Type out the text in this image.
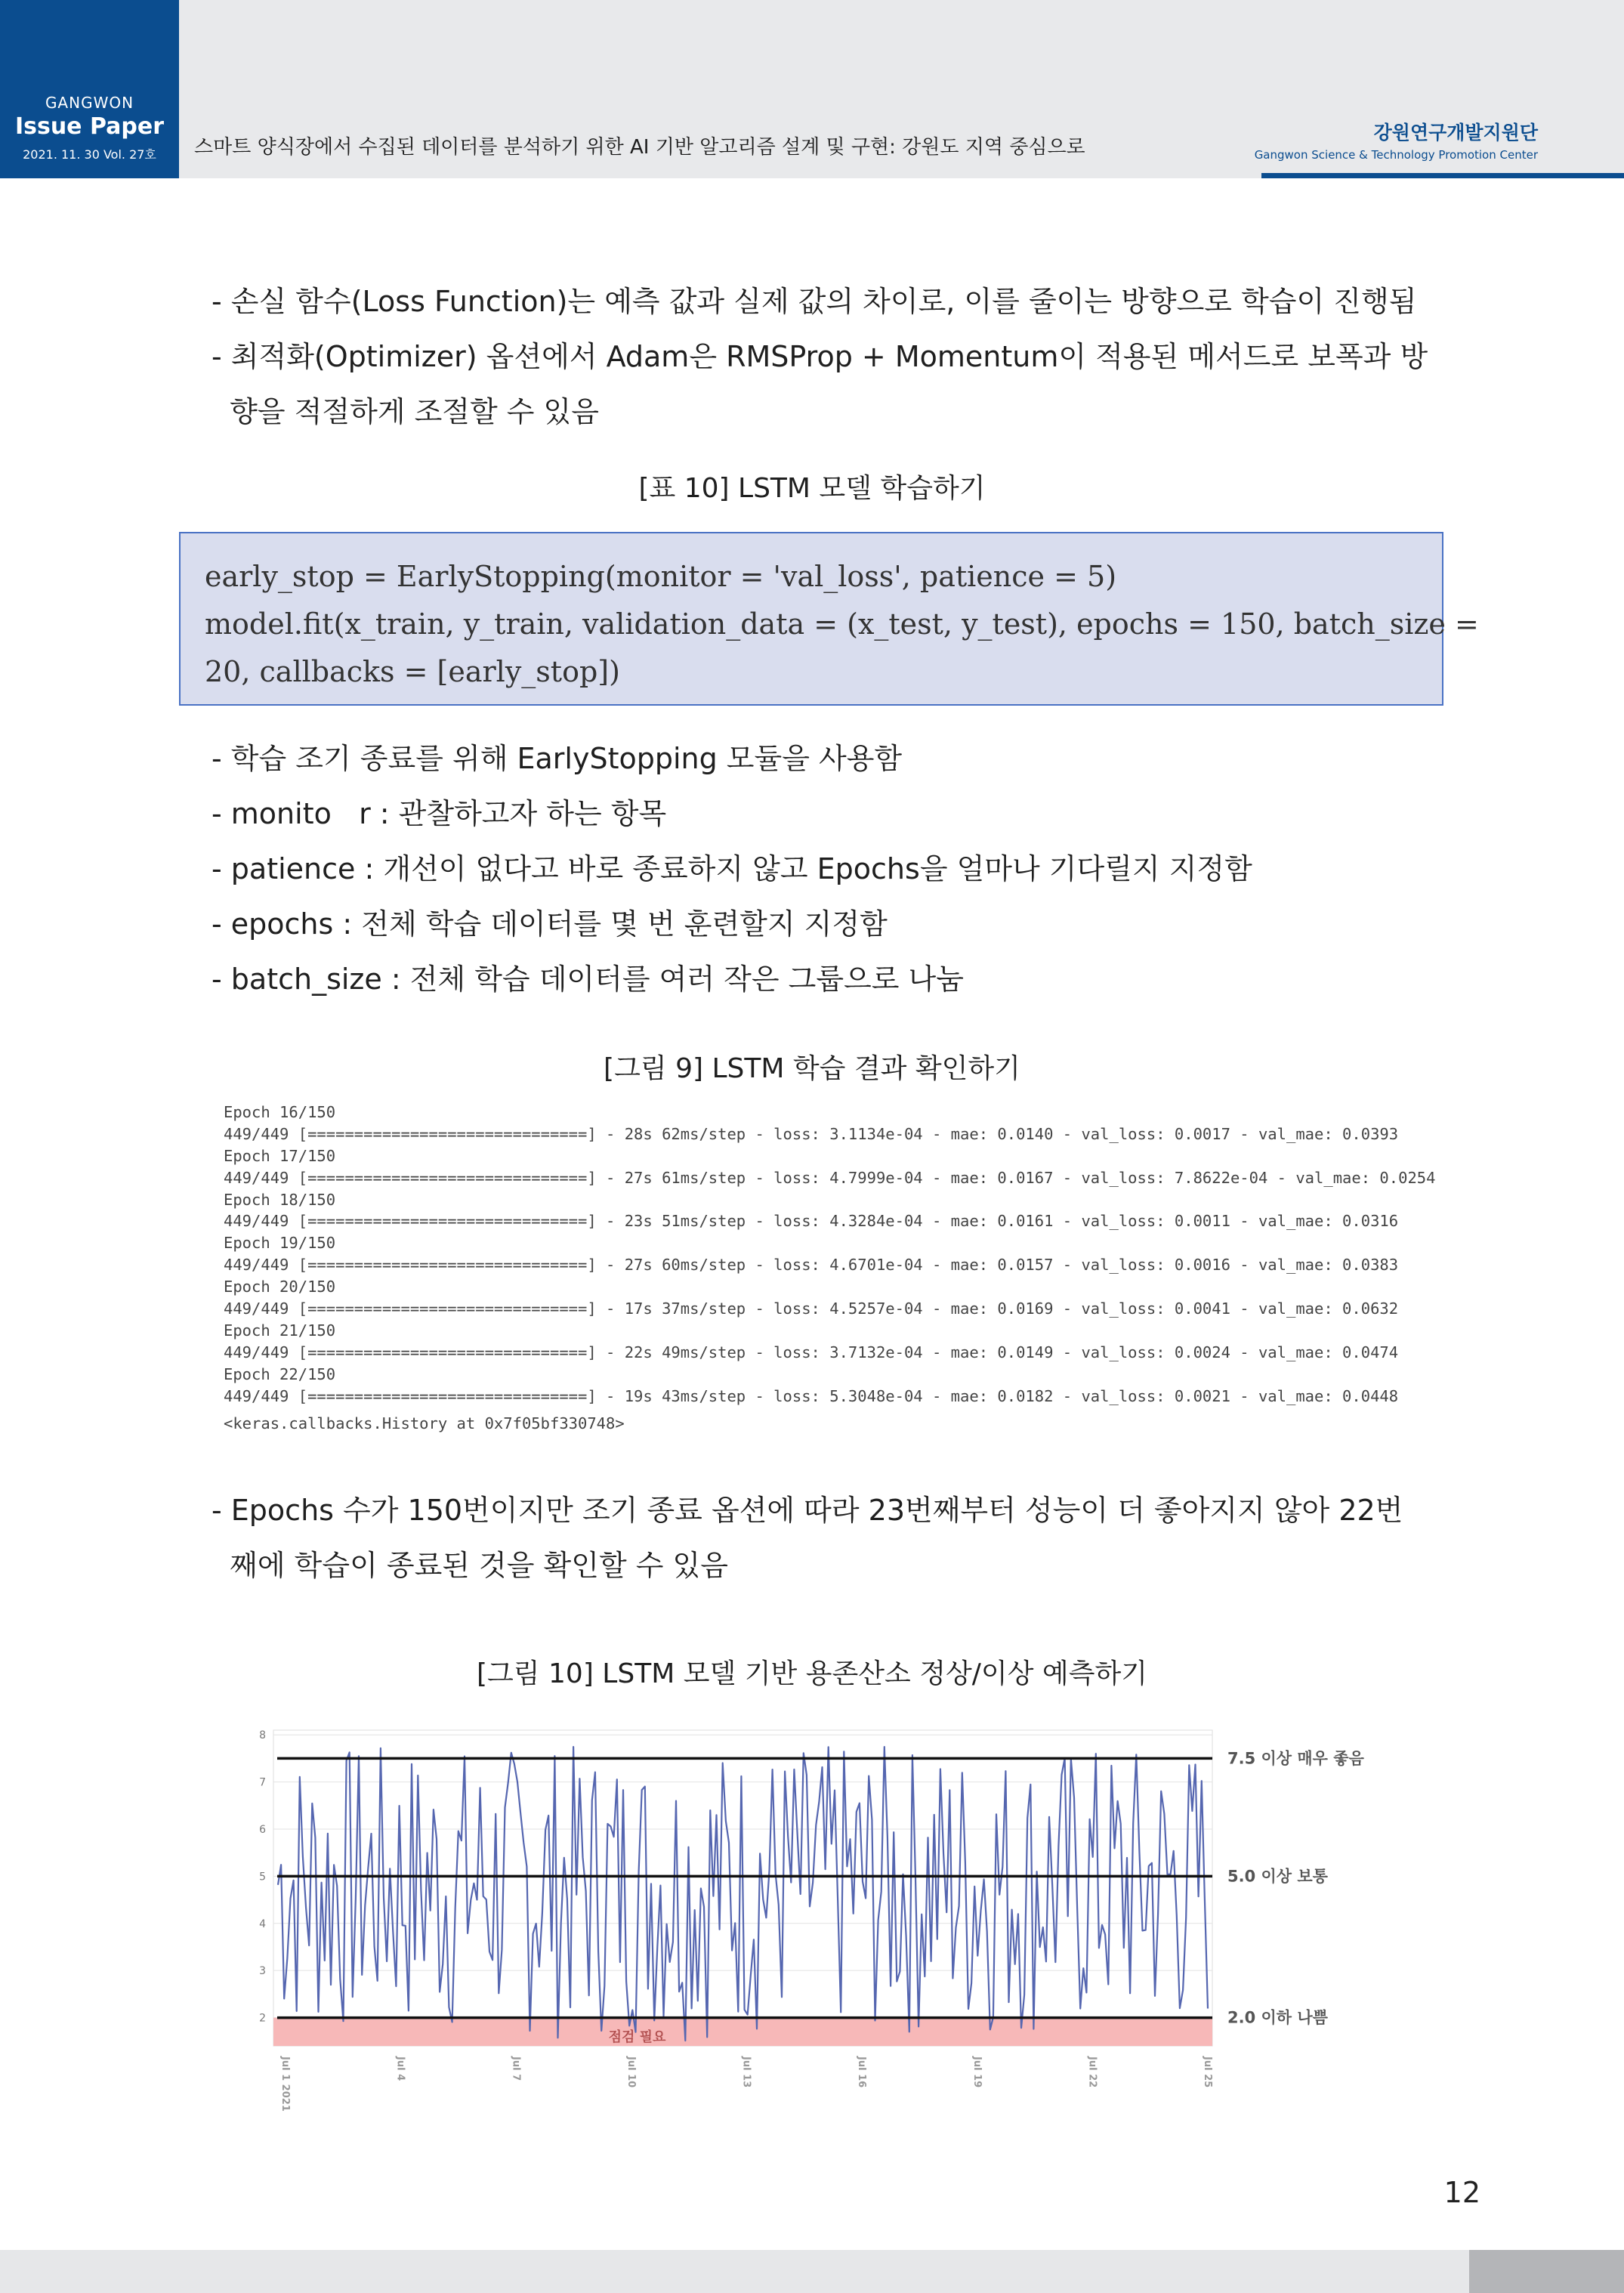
GANGWON
Issue Paper
2021. 11. 30 Vol. 27호	스마트 양식장에서 수집된 데이터를 분석하기 위한 AI 기반 알고리즘 설계 및 구현: 강원도 지역 중심으로
강원연구개발지원단
Gangwon Science & Technology Promotion Center
- 손실 함수(Loss Function)는 예측 값과 실제 값의 차이로, 이를 줄이는 방향으로 학습이 진행됨
- 최적화(Optimizer) 옵션에서 Adam은 RMSProp + Momentum이 적용된 메서드로 보폭과 방
향을 적절하게 조절할 수 있음
[표 10] LSTM 모델 학습하기
early_stop = EarlyStopping(monitor = 'val_loss', patience = 5)
model.fit(x_train, y_train, validation_data = (x_test, y_test), epochs = 150, batch_size =
20, callbacks = [early_stop])
- 학습 조기 종료를 위해 EarlyStopping 모듈을 사용함
- monito   r : 관찰하고자 하는 항목
- patience : 개선이 없다고 바로 종료하지 않고 Epochs을 얼마나 기다릴지 지정함
- epochs : 전체 학습 데이터를 몇 번 훈련할지 지정함
- batch_size : 전체 학습 데이터를 여러 작은 그룹으로 나눔
[그림 9] LSTM 학습 결과 확인하기
Epoch 16/150
449/449 [==============================] - 28s 62ms/step - loss: 3.1134e-04 - mae: 0.0140 - val_loss: 0.0017 - val_mae: 0.0393
Epoch 17/150
449/449 [==============================] - 27s 61ms/step - loss: 4.7999e-04 - mae: 0.0167 - val_loss: 7.8622e-04 - val_mae: 0.0254
Epoch 18/150
449/449 [==============================] - 23s 51ms/step - loss: 4.3284e-04 - mae: 0.0161 - val_loss: 0.0011 - val_mae: 0.0316
Epoch 19/150
449/449 [==============================] - 27s 60ms/step - loss: 4.6701e-04 - mae: 0.0157 - val_loss: 0.0016 - val_mae: 0.0383
Epoch 20/150
449/449 [==============================] - 17s 37ms/step - loss: 4.5257e-04 - mae: 0.0169 - val_loss: 0.0041 - val_mae: 0.0632
Epoch 21/150
449/449 [==============================] - 22s 49ms/step - loss: 3.7132e-04 - mae: 0.0149 - val_loss: 0.0024 - val_mae: 0.0474
Epoch 22/150
449/449 [==============================] - 19s 43ms/step - loss: 5.3048e-04 - mae: 0.0182 - val_loss: 0.0021 - val_mae: 0.0448
<keras.callbacks.History at 0x7f05bf330748>
- Epochs 수가 150번이지만 조기 종료 옵션에 따라 23번째부터 성능이 더 좋아지지 않아 22번
째에 학습이 종료된 것을 확인할 수 있음
[그림 10] LSTM 모델 기반 용존산소 정상/이상 예측하기
2
3
4
5
6
7
8
7.5 이상 매우 좋음
5.0 이상 보통
2.0 이하 나쁨
점검 필요
Jul 1 2021	Jul 4	Jul 7	Jul 10	Jul 13	Jul 16	Jul 19	Jul 22	Jul 25
12
